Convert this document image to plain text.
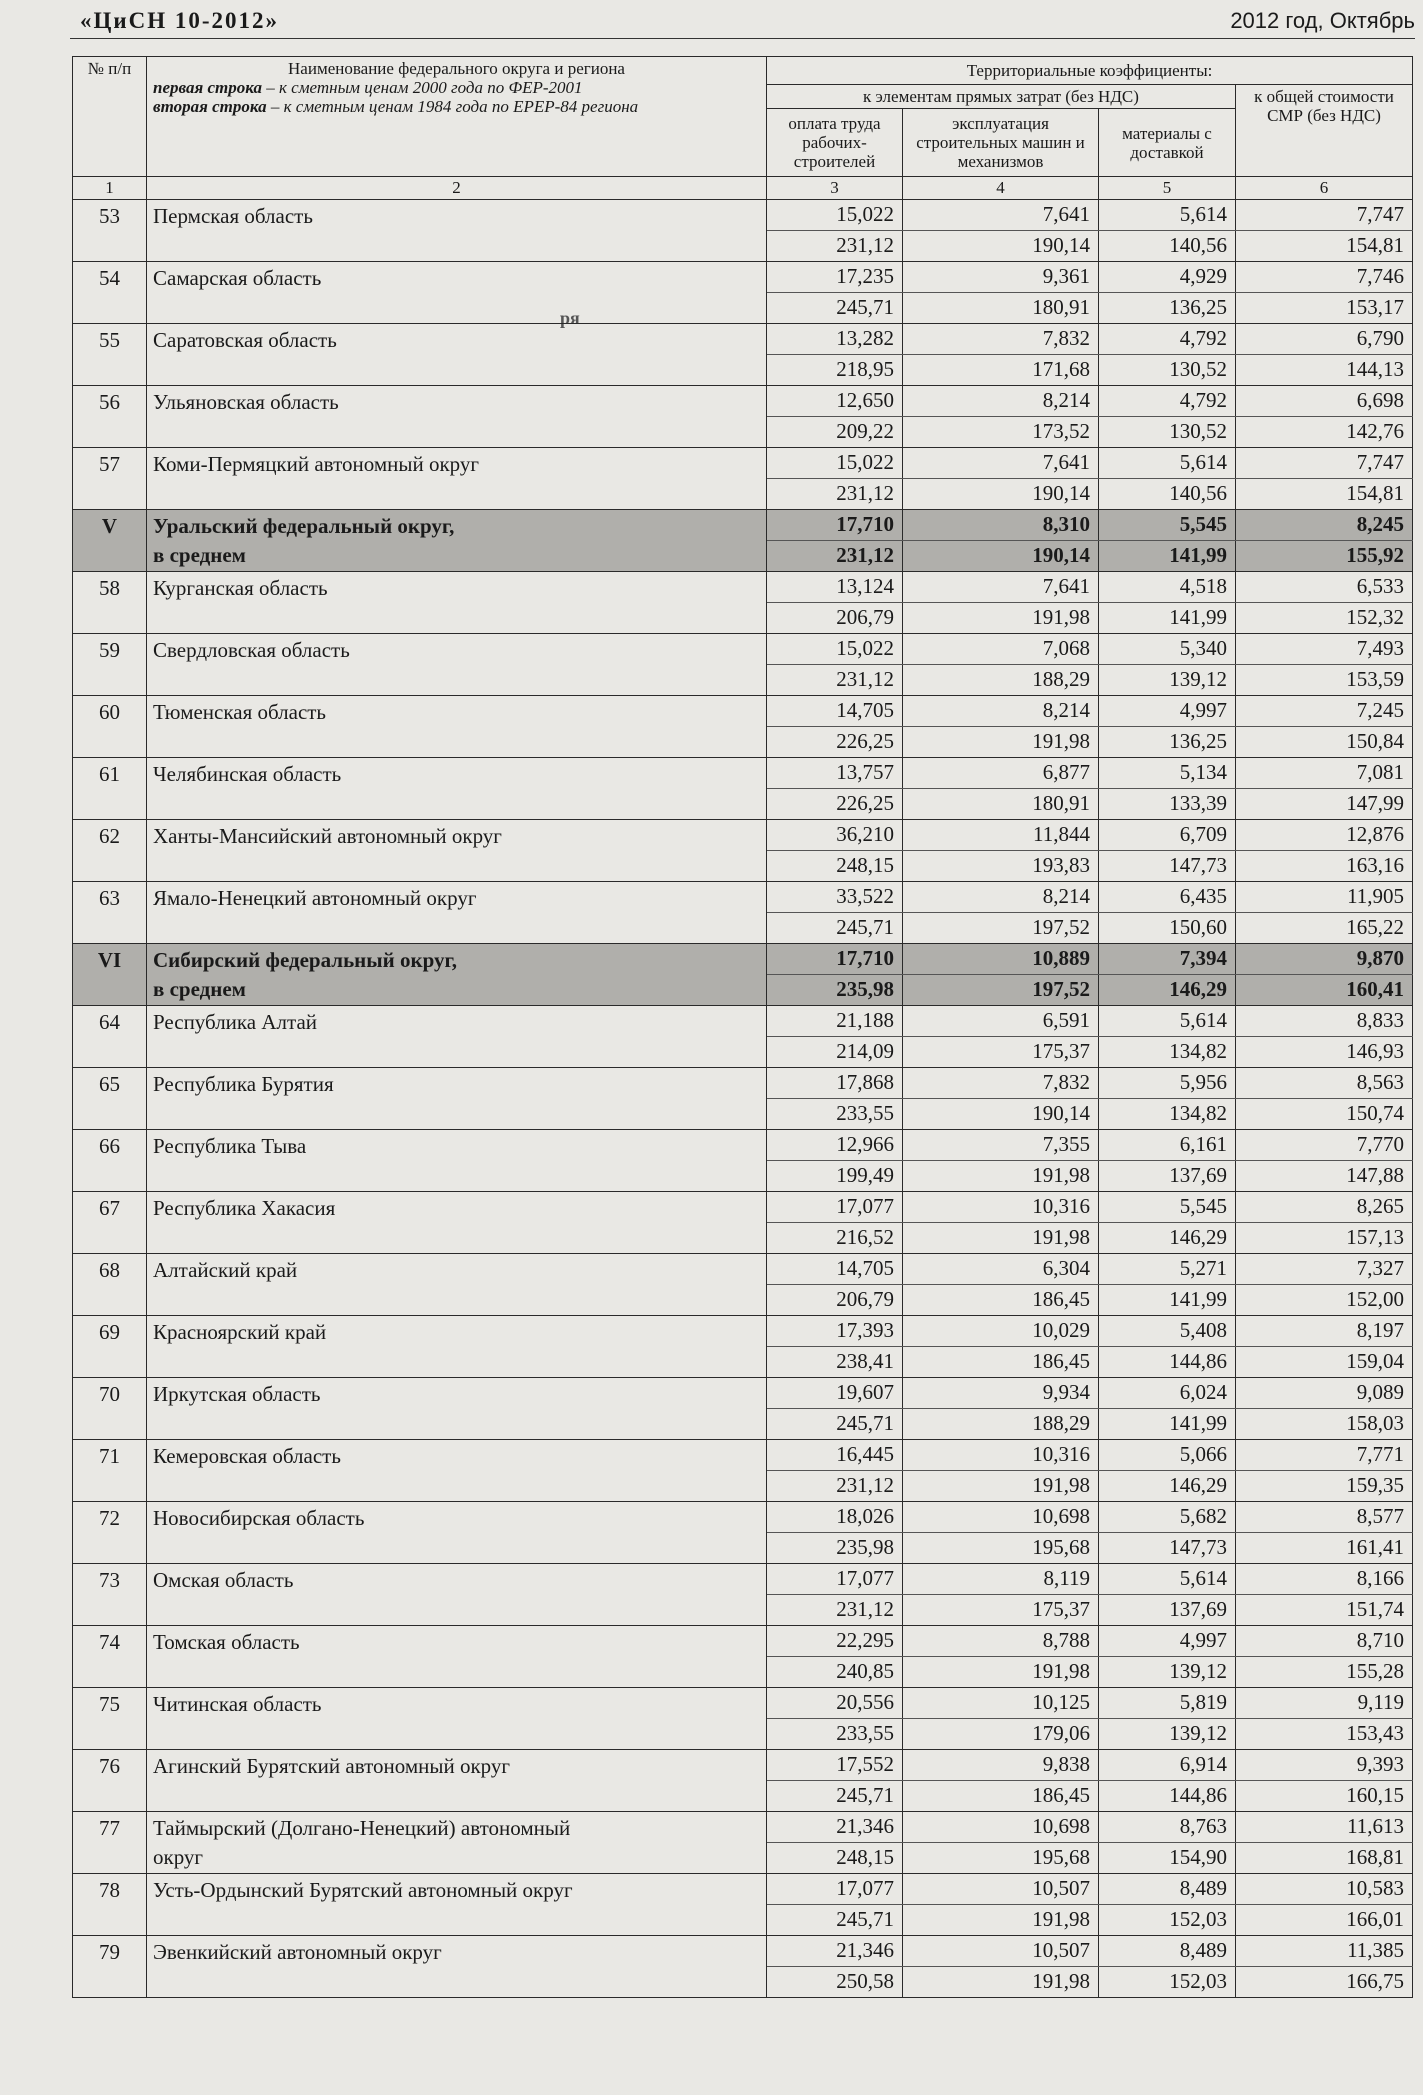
«ЦиСН 10-2012»	2012 год, Октябрь
ря
№ п/п	Наименование федерального округа и региона
первая строка – к сметным ценам 2000 года по ФЕР-2001
вторая строка – к сметным ценам 1984 года по ЕРЕР-84 региона	Территориальные коэффициенты:			
		к элементам прямых затрат (без НДС)			к общей стоимости СМР (без НДС)
		оплата труда рабочих-строителей	эксплуатация строительных машин и механизмов	материалы с доставкой	
1	2	3	4	5	6
53	Пермская область	15,022	7,641	5,614	7,747
		231,12	190,14	140,56	154,81
54	Самарская область	17,235	9,361	4,929	7,746
		245,71	180,91	136,25	153,17
55	Саратовская область	13,282	7,832	4,792	6,790
		218,95	171,68	130,52	144,13
56	Ульяновская область	12,650	8,214	4,792	6,698
		209,22	173,52	130,52	142,76
57	Коми-Пермяцкий автономный округ	15,022	7,641	5,614	7,747
		231,12	190,14	140,56	154,81
V	Уральский федеральный округ,
в среднем	17,710	8,310	5,545	8,245
		231,12	190,14	141,99	155,92
58	Курганская область	13,124	7,641	4,518	6,533
		206,79	191,98	141,99	152,32
59	Свердловская область	15,022	7,068	5,340	7,493
		231,12	188,29	139,12	153,59
60	Тюменская область	14,705	8,214	4,997	7,245
		226,25	191,98	136,25	150,84
61	Челябинская область	13,757	6,877	5,134	7,081
		226,25	180,91	133,39	147,99
62	Ханты-Мансийский автономный округ	36,210	11,844	6,709	12,876
		248,15	193,83	147,73	163,16
63	Ямало-Ненецкий автономный округ	33,522	8,214	6,435	11,905
		245,71	197,52	150,60	165,22
VI	Сибирский федеральный округ,
в среднем	17,710	10,889	7,394	9,870
		235,98	197,52	146,29	160,41
64	Республика Алтай	21,188	6,591	5,614	8,833
		214,09	175,37	134,82	146,93
65	Республика Бурятия	17,868	7,832	5,956	8,563
		233,55	190,14	134,82	150,74
66	Республика Тыва	12,966	7,355	6,161	7,770
		199,49	191,98	137,69	147,88
67	Республика Хакасия	17,077	10,316	5,545	8,265
		216,52	191,98	146,29	157,13
68	Алтайский край	14,705	6,304	5,271	7,327
		206,79	186,45	141,99	152,00
69	Красноярский край	17,393	10,029	5,408	8,197
		238,41	186,45	144,86	159,04
70	Иркутская область	19,607	9,934	6,024	9,089
		245,71	188,29	141,99	158,03
71	Кемеровская область	16,445	10,316	5,066	7,771
		231,12	191,98	146,29	159,35
72	Новосибирская область	18,026	10,698	5,682	8,577
		235,98	195,68	147,73	161,41
73	Омская область	17,077	8,119	5,614	8,166
		231,12	175,37	137,69	151,74
74	Томская область	22,295	8,788	4,997	8,710
		240,85	191,98	139,12	155,28
75	Читинская область	20,556	10,125	5,819	9,119
		233,55	179,06	139,12	153,43
76	Агинский Бурятский автономный округ	17,552	9,838	6,914	9,393
		245,71	186,45	144,86	160,15
77	Таймырский (Долгано-Ненецкий) автономный
округ	21,346	10,698	8,763	11,613
		248,15	195,68	154,90	168,81
78	Усть-Ордынский Бурятский автономный округ	17,077	10,507	8,489	10,583
		245,71	191,98	152,03	166,01
79	Эвенкийский автономный округ	21,346	10,507	8,489	11,385
		250,58	191,98	152,03	166,75
